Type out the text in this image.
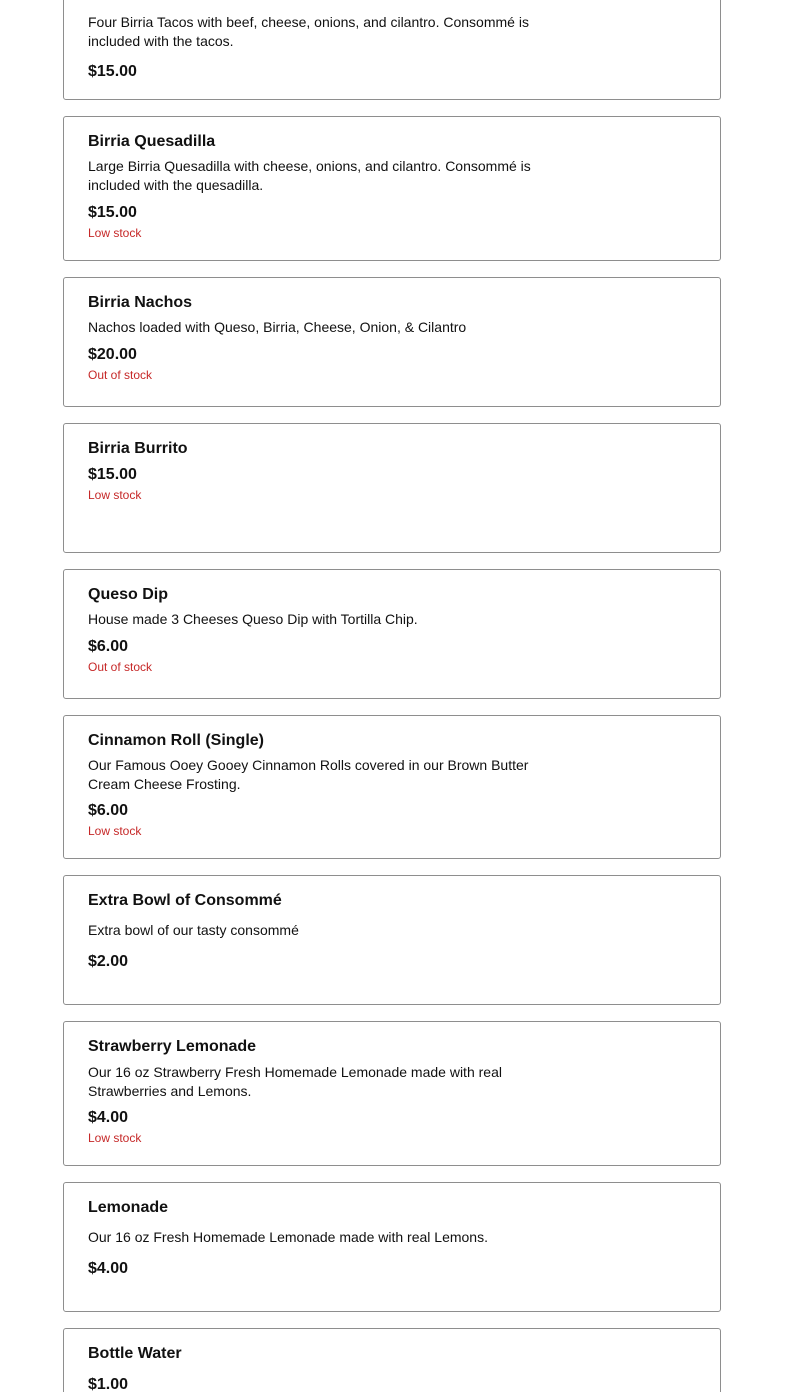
Four Birria Tacos with beef, cheese, onions, and cilantro. Consommé is included with the tacos.

$15.00

Birria Quesadilla

Large Birria Quesadilla with cheese, onions, and cilantro. Consommé is included with the quesadilla.

$15.00

Low stock

Birria Nachos

Nachos loaded with Queso, Birria, Cheese, Onion, & Cilantro

$20.00

Out of stock

Birria Burrito

$15.00

Low stock

Queso Dip

House made 3 Cheeses Queso Dip with Tortilla Chip.

$6.00

Out of stock

Cinnamon Roll (Single)

Our Famous Ooey Gooey Cinnamon Rolls covered in our Brown Butter Cream Cheese Frosting.

$6.00

Low stock

Extra Bowl of Consommé

Extra bowl of our tasty consommé

$2.00

Strawberry Lemonade

Our 16 oz Strawberry Fresh Homemade Lemonade made with real Strawberries and Lemons.

$4.00

Low stock

Lemonade

Our 16 oz Fresh Homemade Lemonade made with real Lemons.

$4.00

Bottle Water

$1.00
